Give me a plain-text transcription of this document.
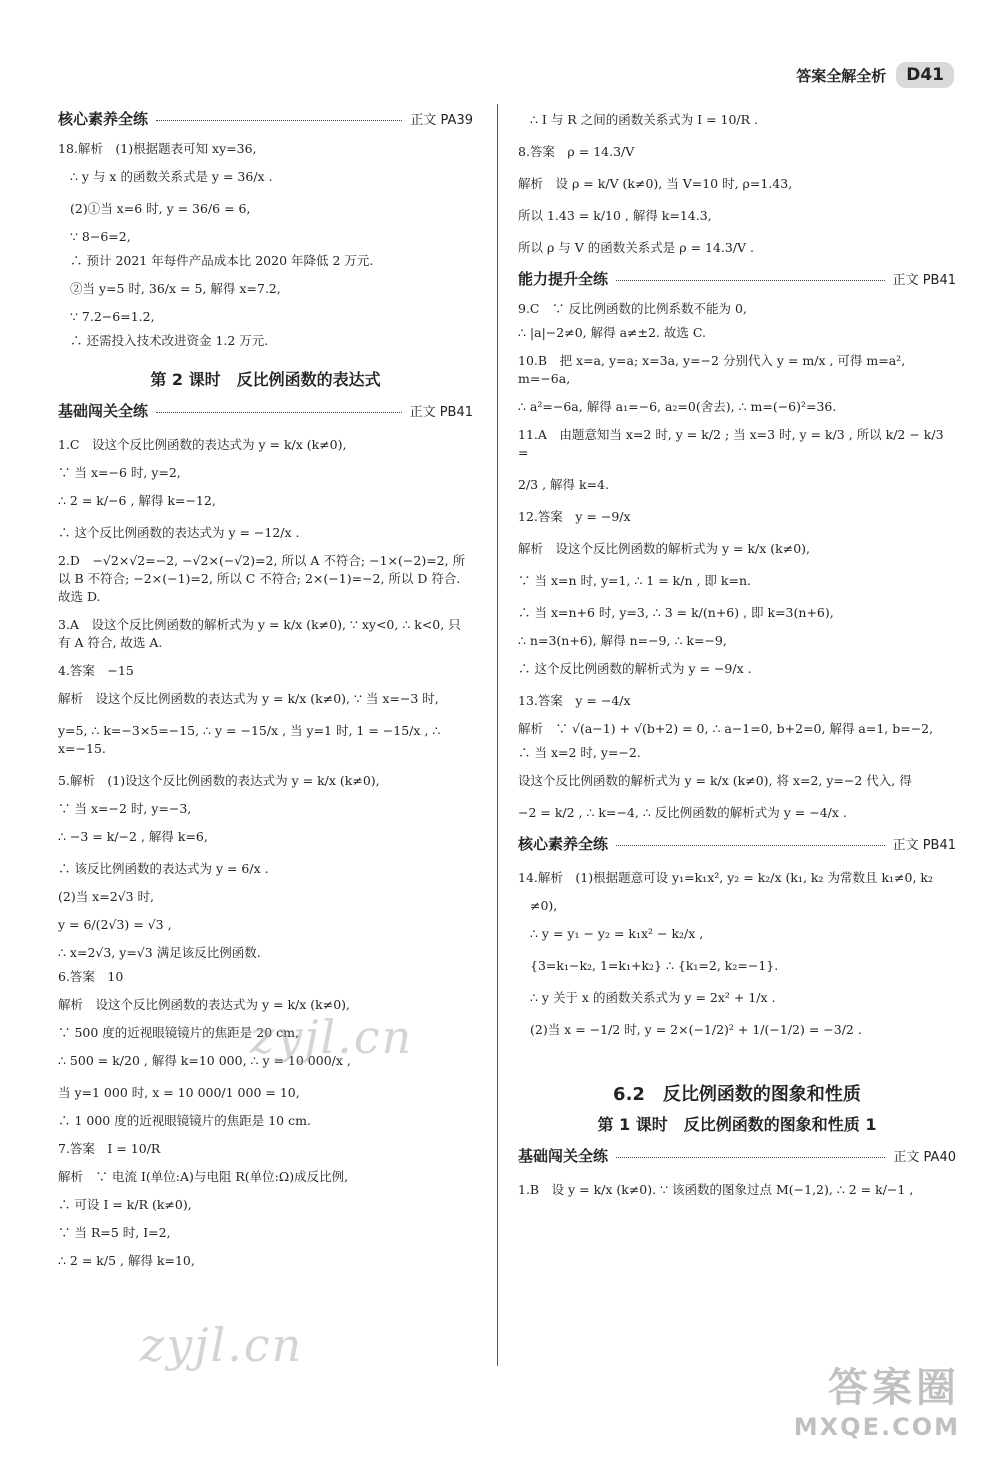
答案全解全析	D41
核心素养全练	正文 PA39

18.解析　(1)根据题表可知 xy=36,

∴ y 与 x 的函数关系式是 y = 36/x .

(2)①当 x=6 时, y = 36/6 = 6,

∵ 8−6=2,

∴ 预计 2021 年每件产品成本比 2020 年降低 2 万元.

②当 y=5 时, 36/x = 5, 解得 x=7.2,

∵ 7.2−6=1.2,

∴ 还需投入技术改进资金 1.2 万元.

第 2 课时　反比例函数的表达式
基础闯关全练	正文 PB41

1.C　设这个反比例函数的表达式为 y = k/x (k≠0),

∵ 当 x=−6 时, y=2,

∴ 2 = k/−6 , 解得 k=−12,

∴ 这个反比例函数的表达式为 y = −12/x .

2.D　−√2×√2=−2, −√2×(−√2)=2, 所以 A 不符合; −1×(−2)=2, 所以 B 不符合; −2×(−1)=2, 所以 C 不符合; 2×(−1)=−2, 所以 D 符合. 故选 D.

3.A　设这个反比例函数的解析式为 y = k/x (k≠0), ∵ xy<0, ∴ k<0, 只有 A 符合, 故选 A.

4.答案　−15

解析　设这个反比例函数的表达式为 y = k/x (k≠0), ∵ 当 x=−3 时,

y=5, ∴ k=−3×5=−15, ∴ y = −15/x , 当 y=1 时, 1 = −15/x , ∴ x=−15.

5.解析　(1)设这个反比例函数的表达式为 y = k/x (k≠0),

∵ 当 x=−2 时, y=−3,

∴ −3 = k/−2 , 解得 k=6,

∴ 该反比例函数的表达式为 y = 6/x .

(2)当 x=2√3 时,

y = 6/(2√3) = √3 ,

∴ x=2√3, y=√3 满足该反比例函数.

6.答案　10

解析　设这个反比例函数的表达式为 y = k/x (k≠0),

∵ 500 度的近视眼镜镜片的焦距是 20 cm,

∴ 500 = k/20 , 解得 k=10 000, ∴ y = 10 000/x ,

当 y=1 000 时, x = 10 000/1 000 = 10,

∴ 1 000 度的近视眼镜镜片的焦距是 10 cm.

7.答案　I = 10/R

解析　∵ 电流 I(单位:A)与电阻 R(单位:Ω)成反比例,

∴ 可设 I = k/R (k≠0),

∵ 当 R=5 时, I=2,

∴ 2 = k/5 , 解得 k=10,

∴ I 与 R 之间的函数关系式为 I = 10/R .

8.答案　ρ = 14.3/V

解析　设 ρ = k/V (k≠0), 当 V=10 时, ρ=1.43,

所以 1.43 = k/10 , 解得 k=14.3,

所以 ρ 与 V 的函数关系式是 ρ = 14.3/V .

能力提升全练	正文 PB41

9.C　∵ 反比例函数的比例系数不能为 0,

∴ |a|−2≠0, 解得 a≠±2. 故选 C.

10.B　把 x=a, y=a; x=3a, y=−2 分别代入 y = m/x , 可得 m=a², m=−6a,

∴ a²=−6a, 解得 a₁=−6, a₂=0(舍去), ∴ m=(−6)²=36.

11.A　由题意知当 x=2 时, y = k/2 ; 当 x=3 时, y = k/3 , 所以 k/2 − k/3 =

2/3 , 解得 k=4.

12.答案　y = −9/x

解析　设这个反比例函数的解析式为 y = k/x (k≠0),

∵ 当 x=n 时, y=1, ∴ 1 = k/n , 即 k=n.

∴ 当 x=n+6 时, y=3, ∴ 3 = k/(n+6) , 即 k=3(n+6),

∴ n=3(n+6), 解得 n=−9, ∴ k=−9,

∴ 这个反比例函数的解析式为 y = −9/x .

13.答案　y = −4/x

解析　∵ √(a−1) + √(b+2) = 0, ∴ a−1=0, b+2=0, 解得 a=1, b=−2,

∴ 当 x=2 时, y=−2.

设这个反比例函数的解析式为 y = k/x (k≠0), 将 x=2, y=−2 代入, 得

−2 = k/2 , ∴ k=−4, ∴ 反比例函数的解析式为 y = −4/x .

核心素养全练	正文 PB41

14.解析　(1)根据题意可设 y₁=k₁x², y₂ = k₂/x (k₁, k₂ 为常数且 k₁≠0, k₂

≠0),

∴ y = y₁ − y₂ = k₁x² − k₂/x ,

{3=k₁−k₂, 1=k₁+k₂} ∴ {k₁=2, k₂=−1}.

∴ y 关于 x 的函数关系式为 y = 2x² + 1/x .

(2)当 x = −1/2 时, y = 2×(−1/2)² + 1/(−1/2) = −3/2 .

6.2　反比例函数的图象和性质
第 1 课时　反比例函数的图象和性质 1
基础闯关全练	正文 PA40

1.B　设 y = k/x (k≠0). ∵ 该函数的图象过点 M(−1,2), ∴ 2 = k/−1 ,

zyjl.cn
zyjl.cn
答案圈
MXQE.COM
